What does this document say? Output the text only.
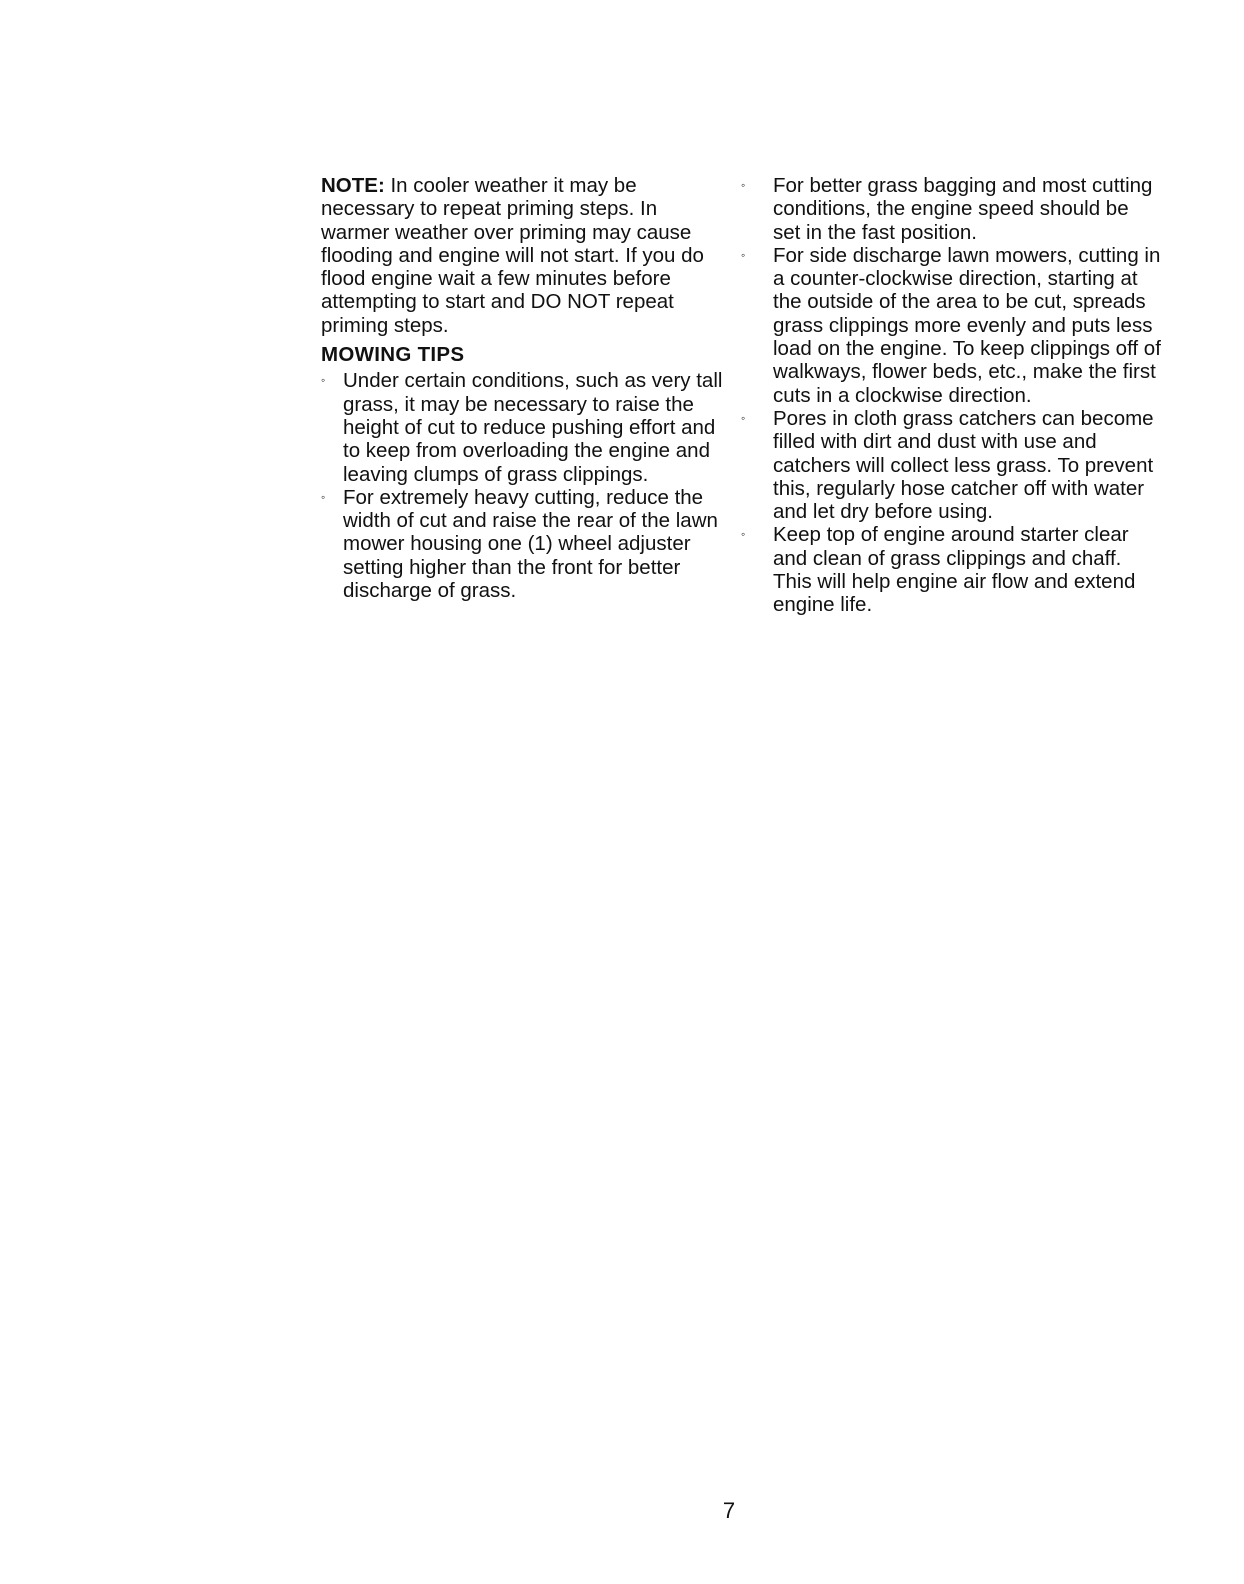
NOTE: In cooler weather it may be necessary to repeat priming steps. In warmer weather over priming may cause flooding and engine will not start. If you do flood engine wait a few minutes before attempting to start and DO NOT repeat priming steps.
MOWING TIPS
◦ Under certain conditions, such as very tall grass, it may be necessary to raise the height of cut to reduce pushing effort and to keep from overloading the engine and leaving clumps of grass clippings.
◦ For extremely heavy cutting, reduce the width of cut and raise the rear of the lawn mower housing one (1) wheel adjuster setting higher than the front for better discharge of grass.
◦ For better grass bagging and most cutting conditions, the engine speed should be set in the fast position.
◦ For side discharge lawn mowers, cutting in a counter-clockwise direction, starting at the outside of the area to be cut, spreads grass clippings more evenly and puts less load on the engine. To keep clippings off of walkways, flower beds, etc., make the first cuts in a clockwise direction.
◦ Pores in cloth grass catchers can become filled with dirt and dust with use and catchers will collect less grass. To prevent this, regularly hose catcher off with water and let dry before using.
◦ Keep top of engine around starter clear and clean of grass clippings and chaff. This will help engine air flow and extend engine life.
7
